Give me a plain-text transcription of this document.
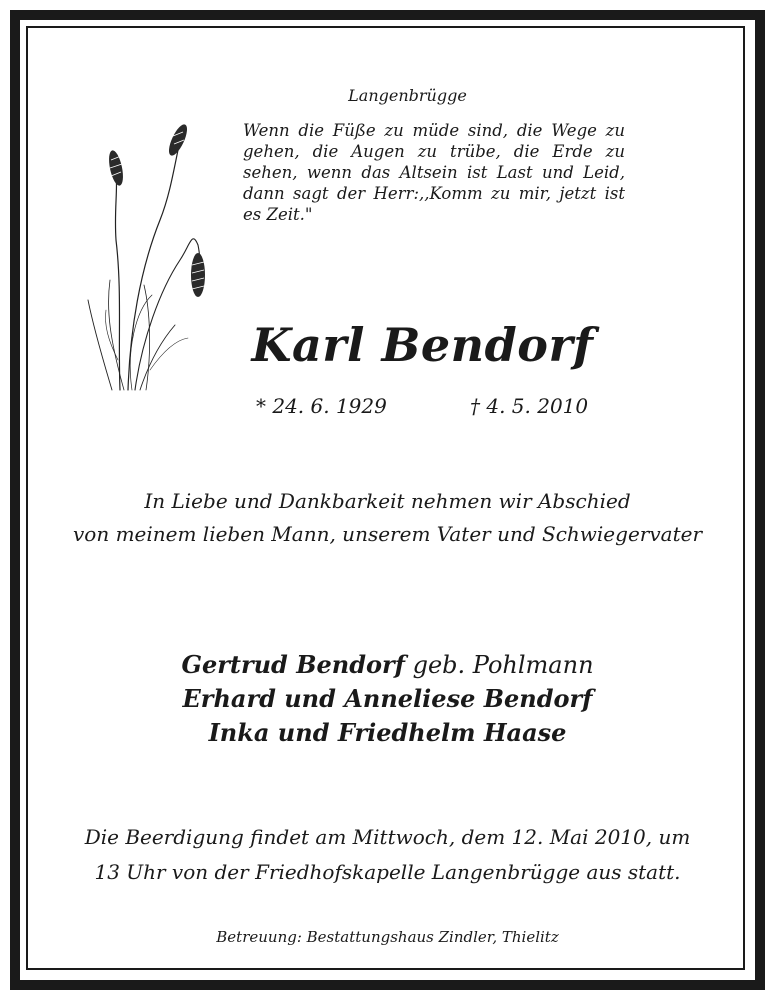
Langenbrügge
Wenn die Füße zu müde sind, die Wege zu gehen, die Augen zu trübe, die Erde zu sehen, wenn das Altsein ist Last und Leid, dann sagt der Herr:,,Komm zu mir, jetzt ist es Zeit."
Karl Bendorf
* 24. 6. 1929	† 4. 5. 2010
In Liebe und Dankbarkeit nehmen wir Abschied
von meinem lieben Mann, unserem Vater und Schwiegervater
Gertrud Bendorf geb. Pohlmann
Erhard und Anneliese Bendorf
Inka und Friedhelm Haase
Die Beerdigung findet am Mittwoch, dem 12. Mai 2010, um
13 Uhr von der Friedhofskapelle Langenbrügge aus statt.
Betreuung: Bestattungshaus Zindler, Thielitz
